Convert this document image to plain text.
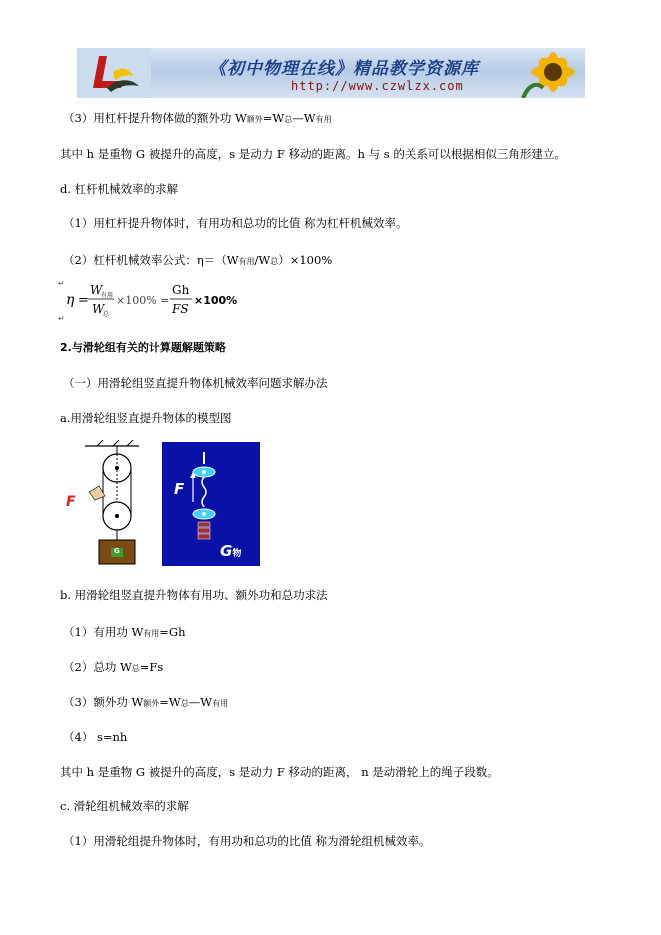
《初中物理在线》精品教学资源库
http://www.czwlzx.com
（3）用杠杆提升物体做的额外功 W额外=W总—W有用
其中 h 是重物 G 被提升的高度，s 是动力 F 移动的距离。h 与 s 的关系可以根据相似三角形建立。
d. 杠杆机械效率的求解
（1）用杠杆提升物体时，有用功和总功的比值 称为杠杆机械效率。
（2）杠杆机械效率公式：η＝（W有用/W总）×100%
↵
η =
W
有用
W
总
×100% =
Gh
FS
×100%
↵
2.与滑轮组有关的计算题解题策略
（一）用滑轮组竖直提升物体机械效率问题求解办法
a.用滑轮组竖直提升物体的模型图
F
G
F
G物
b. 用滑轮组竖直提升物体有用功、额外功和总功求法
（1）有用功 W有用=Gh
（2）总功 W总=Fs
（3）额外功 W额外=W总—W有用
（4） s=nh
其中 h 是重物 G 被提升的高度，s 是动力 F 移动的距离， n 是动滑轮上的绳子段数。
c. 滑轮组机械效率的求解
（1）用滑轮组提升物体时，有用功和总功的比值 称为滑轮组机械效率。
